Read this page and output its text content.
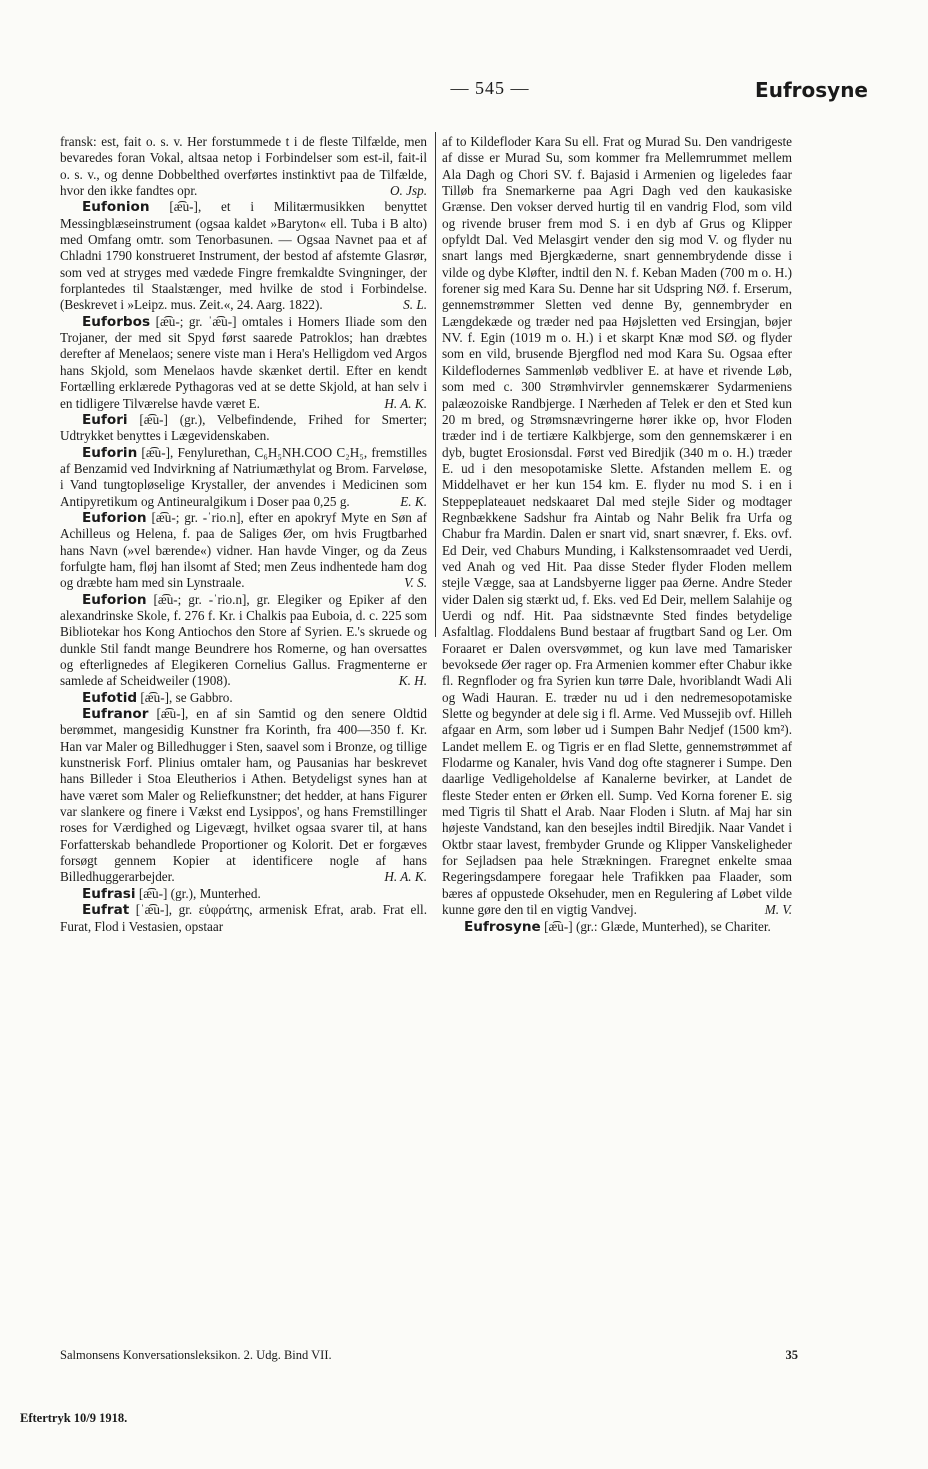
— 545 —	Eufrosyne

fransk: est, fait o. s. v. Her forstummede t i de fleste Tilfælde, men bevaredes foran Vokal, altsaa netop i Forbindelser som est-il, fait-il o. s. v., og denne Dobbelthed overførtes instinktivt paa de Tilfælde, hvor den ikke fandtes opr.	O. Jsp.

Eufonion [æ͡u-], et i Militærmusikken benyttet Messingblæseinstrument (ogsaa kaldet »Baryton« ell. Tuba i B alto) med Omfang omtr. som Tenorbasunen. — Ogsaa Navnet paa et af Chladni 1790 konstrueret Instrument, der bestod af afstemte Glasrør, som ved at stryges med vædede Fingre fremkaldte Svingninger, der forplantedes til Staalstænger, med hvilke de stod i Forbindelse. (Beskrevet i »Leipz. mus. Zeit.«, 24. Aarg. 1822).	S. L.

Euforbos [æ͡u-; gr. ˈæ͡u-] omtales i Homers Iliade som den Trojaner, der med sit Spyd først saarede Patroklos; han dræbtes derefter af Menelaos; senere viste man i Hera's Helligdom ved Argos hans Skjold, som Menelaos havde skænket dertil. Efter en kendt Fortælling erklærede Pythagoras ved at se dette Skjold, at han selv i en tidligere Tilværelse havde været E.	H. A. K.

Eufori [æ͡u-] (gr.), Velbefindende, Frihed for Smerter; Udtrykket benyttes i Lægevidenskaben.

Euforin [æ͡u-], Fenylurethan, C₆H₅NH.COO C₂H₅, fremstilles af Benzamid ved Indvirkning af Natriumæthylat og Brom. Farveløse, i Vand tungtopløselige Krystaller, der anvendes i Medicinen som Antipyretikum og Antineuralgikum i Doser paa 0,25 g.	E. K.

Euforion [æ͡u-; gr. -ˈrio.n], efter en apokryf Myte en Søn af Achilleus og Helena, f. paa de Saliges Øer, om hvis Frugtbarhed hans Navn (»vel bærende«) vidner. Han havde Vinger, og da Zeus forfulgte ham, fløj han ilsomt af Sted; men Zeus indhentede ham dog og dræbte ham med sin Lynstraale.	V. S.

Euforion [æ͡u-; gr. -ˈrio.n], gr. Elegiker og Epiker af den alexandrinske Skole, f. 276 f. Kr. i Chalkis paa Euboia, d. c. 225 som Bibliotekar hos Kong Antiochos den Store af Syrien. E.'s skruede og dunkle Stil fandt mange Beundrere hos Romerne, og han oversattes og efterlignedes af Elegikeren Cornelius Gallus. Fragmenterne er samlede af Scheidweiler (1908).	K. H.

Eufotid [æ͡u-], se Gabbro.

Eufranor [æ͡u-], en af sin Samtid og den senere Oldtid berømmet, mangesidig Kunstner fra Korinth, fra 400—350 f. Kr. Han var Maler og Billedhugger i Sten, saavel som i Bronze, og tillige kunstnerisk Forf. Plinius omtaler ham, og Pausanias har beskrevet hans Billeder i Stoa Eleutherios i Athen. Betydeligst synes han at have været som Maler og Reliefkunstner; det hedder, at hans Figurer var slankere og finere i Vækst end Lysippos', og hans Fremstillinger roses for Værdighed og Ligevægt, hvilket ogsaa svarer til, at hans Forfatterskab behandlede Proportioner og Kolorit. Det er forgæves forsøgt gennem Kopier at identificere nogle af hans Billedhuggerarbejder.	H. A. K.

Eufrasi [æ͡u-] (gr.), Munterhed.

Eufrat [ˈæ͡u-], gr. εὐφράτης, armenisk Efrat, arab. Frat ell. Furat, Flod i Vestasien, opstaar

af to Kildefloder Kara Su ell. Frat og Murad Su. Den vandrigeste af disse er Murad Su, som kommer fra Mellemrummet mellem Ala Dagh og Chori SV. f. Bajasid i Armenien og ligeledes faar Tilløb fra Snemarkerne paa Agri Dagh ved den kaukasiske Grænse. Den vokser derved hurtig til en vandrig Flod, som vild og rivende bruser frem mod S. i en dyb af Grus og Klipper opfyldt Dal. Ved Melasgirt vender den sig mod V. og flyder nu snart langs med Bjergkæderne, snart gennembrydende disse i vilde og dybe Kløfter, indtil den N. f. Keban Maden (700 m o. H.) forener sig med Kara Su. Denne har sit Udspring NØ. f. Erserum, gennemstrømmer Sletten ved denne By, gennembryder en Længdekæde og træder ned paa Højsletten ved Ersingjan, bøjer NV. f. Egin (1019 m o. H.) i et skarpt Knæ mod SØ. og flyder som en vild, brusende Bjergflod ned mod Kara Su. Ogsaa efter Kildeflodernes Sammenløb vedbliver E. at have et rivende Løb, som med c. 300 Strømhvirvler gennemskærer Sydarmeniens palæozoiske Randbjerge. I Nærheden af Telek er den et Sted kun 20 m bred, og Strømsnævringerne hører ikke op, hvor Floden træder ind i de tertiære Kalkbjerge, som den gennemskærer i en dyb, bugtet Erosionsdal. Først ved Biredjik (340 m o. H.) træder E. ud i den mesopotamiske Slette. Afstanden mellem E. og Middelhavet er her kun 154 km. E. flyder nu mod S. i en i Steppeplateauet nedskaaret Dal med stejle Sider og modtager Regnbækkene Sadshur fra Aintab og Nahr Belik fra Urfa og Chabur fra Mardin. Dalen er snart vid, snart snævrer, f. Eks. ovf. Ed Deir, ved Chaburs Munding, i Kalkstensomraadet ved Uerdi, ved Anah og ved Hit. Paa disse Steder flyder Floden mellem stejle Vægge, saa at Landsbyerne ligger paa Øerne. Andre Steder vider Dalen sig stærkt ud, f. Eks. ved Ed Deir, mellem Salahije og Uerdi og ndf. Hit. Paa sidstnævnte Sted findes betydelige Asfaltlag. Floddalens Bund bestaar af frugtbart Sand og Ler. Om Foraaret er Dalen oversvømmet, og kun lave med Tamarisker bevoksede Øer rager op. Fra Armenien kommer efter Chabur ikke fl. Regnfloder og fra Syrien kun tørre Dale, hvoriblandt Wadi Ali og Wadi Hauran. E. træder nu ud i den nedremesopotamiske Slette og begynder at dele sig i fl. Arme. Ved Mussejib ovf. Hilleh afgaar en Arm, som løber ud i Sumpen Bahr Nedjef (1500 km²). Landet mellem E. og Tigris er en flad Slette, gennemstrømmet af Flodarme og Kanaler, hvis Vand dog ofte stagnerer i Sumpe. Den daarlige Vedligeholdelse af Kanalerne bevirker, at Landet de fleste Steder enten er Ørken ell. Sump. Ved Korna forener E. sig med Tigris til Shatt el Arab. Naar Floden i Slutn. af Maj har sin højeste Vandstand, kan den besejles indtil Biredjik. Naar Vandet i Oktbr staar lavest, frembyder Grunde og Klipper Vanskeligheder for Sejladsen paa hele Strækningen. Fraregnet enkelte smaa Regeringsdampere foregaar hele Trafikken paa Flaader, som bæres af oppustede Oksehuder, men en Regulering af Løbet vilde kunne gøre den til en vigtig Vandvej.	M. V.

Eufrosyne [æ͡u-] (gr.: Glæde, Munterhed), se Chariter.

Salmonsens Konversationsleksikon. 2. Udg. Bind VII.	35
Eftertryk 10/9 1918.
